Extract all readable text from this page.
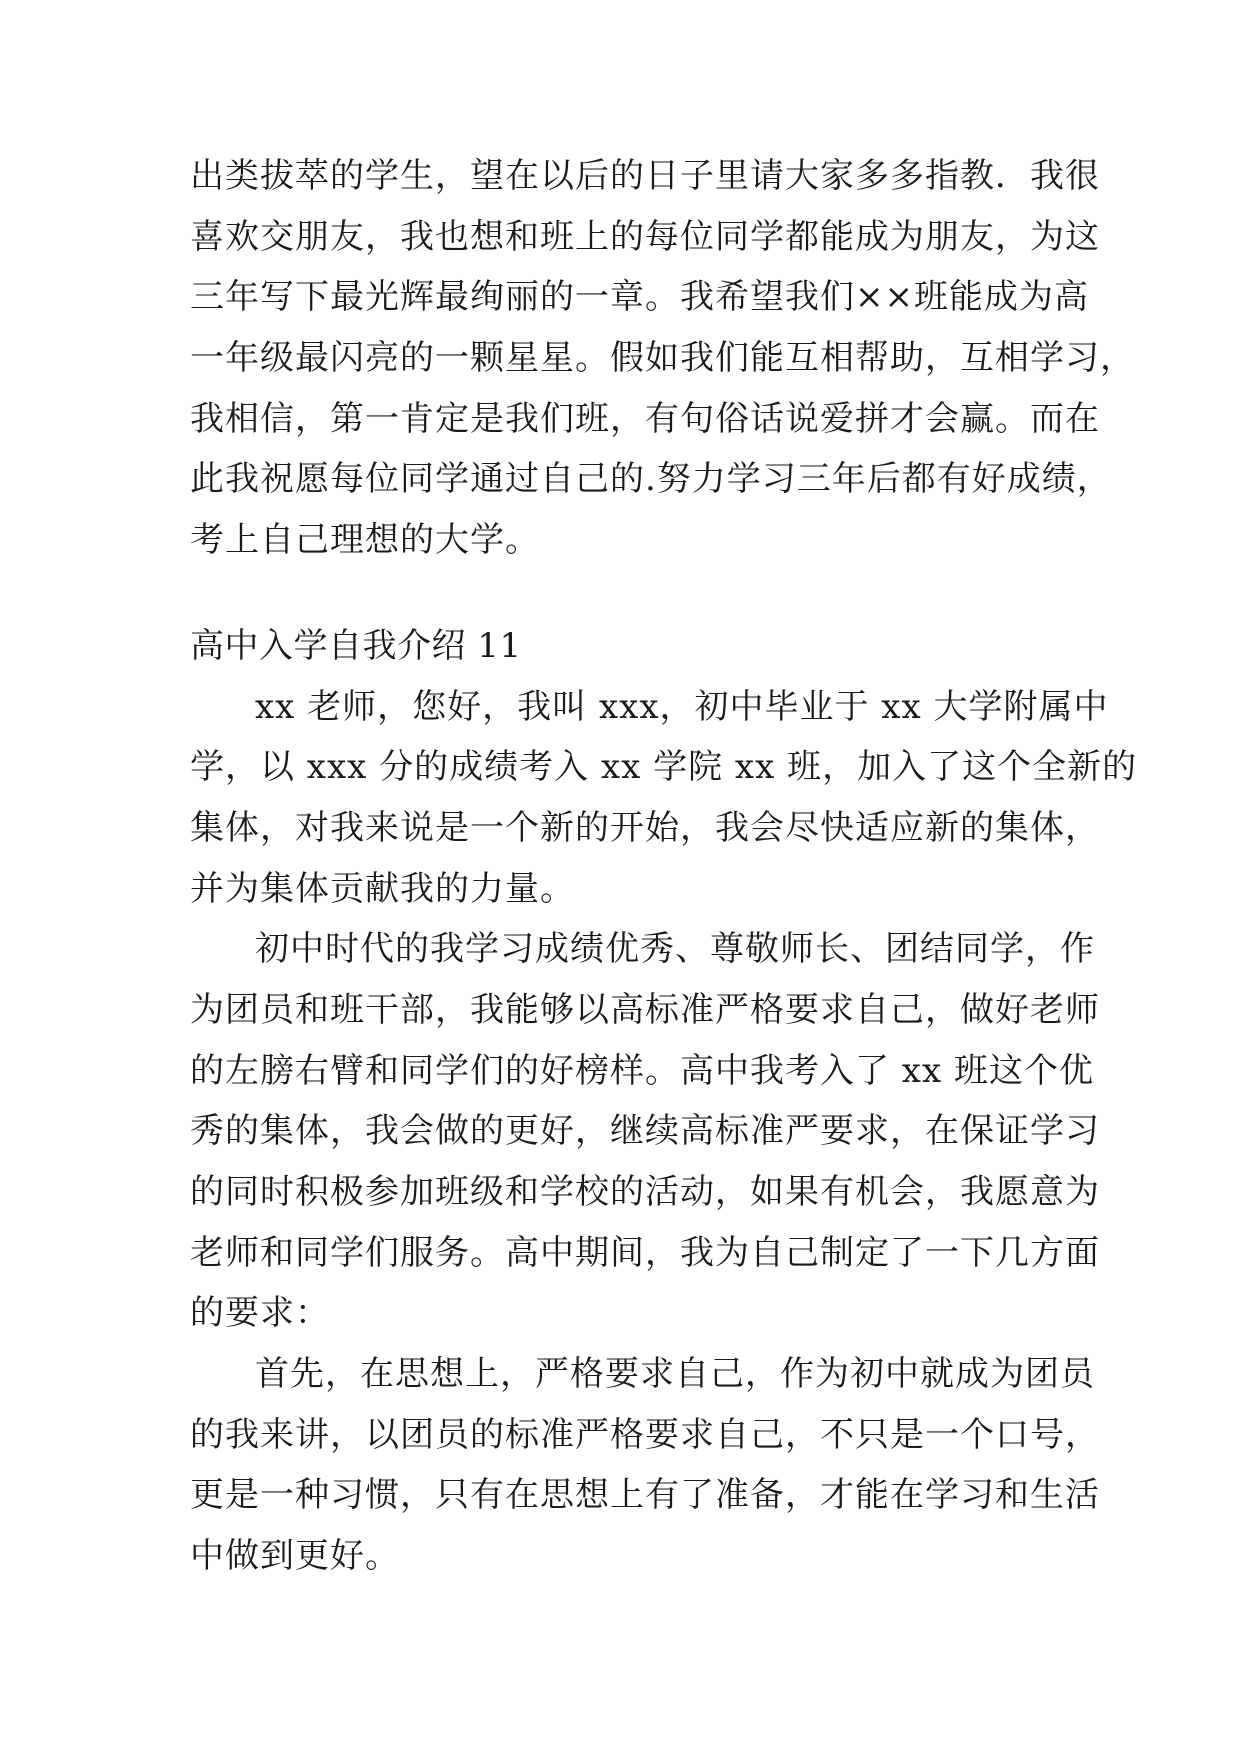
出类拔萃的学生，望在以后的日子里请大家多多指教．我很
喜欢交朋友，我也想和班上的每位同学都能成为朋友，为这
三年写下最光辉最绚丽的一章。我希望我们××班能成为高
一年级最闪亮的一颗星星。假如我们能互相帮助，互相学习，
我相信，第一肯定是我们班，有句俗话说爱拼才会赢。而在
此我祝愿每位同学通过自己的.努力学习三年后都有好成绩，
考上自己理想的大学。
高中入学自我介绍 11
xx 老师，您好，我叫 xxx，初中毕业于 xx 大学附属中
学，以 xxx 分的成绩考入 xx 学院 xx 班，加入了这个全新的
集体，对我来说是一个新的开始，我会尽快适应新的集体，
并为集体贡献我的力量。
初中时代的我学习成绩优秀、尊敬师长、团结同学，作
为团员和班干部，我能够以高标准严格要求自己，做好老师
的左膀右臂和同学们的好榜样。高中我考入了 xx 班这个优
秀的集体，我会做的更好，继续高标准严要求，在保证学习
的同时积极参加班级和学校的活动，如果有机会，我愿意为
老师和同学们服务。高中期间，我为自己制定了一下几方面
的要求：
首先，在思想上，严格要求自己，作为初中就成为团员
的我来讲，以团员的标准严格要求自己，不只是一个口号，
更是一种习惯，只有在思想上有了准备，才能在学习和生活
中做到更好。
